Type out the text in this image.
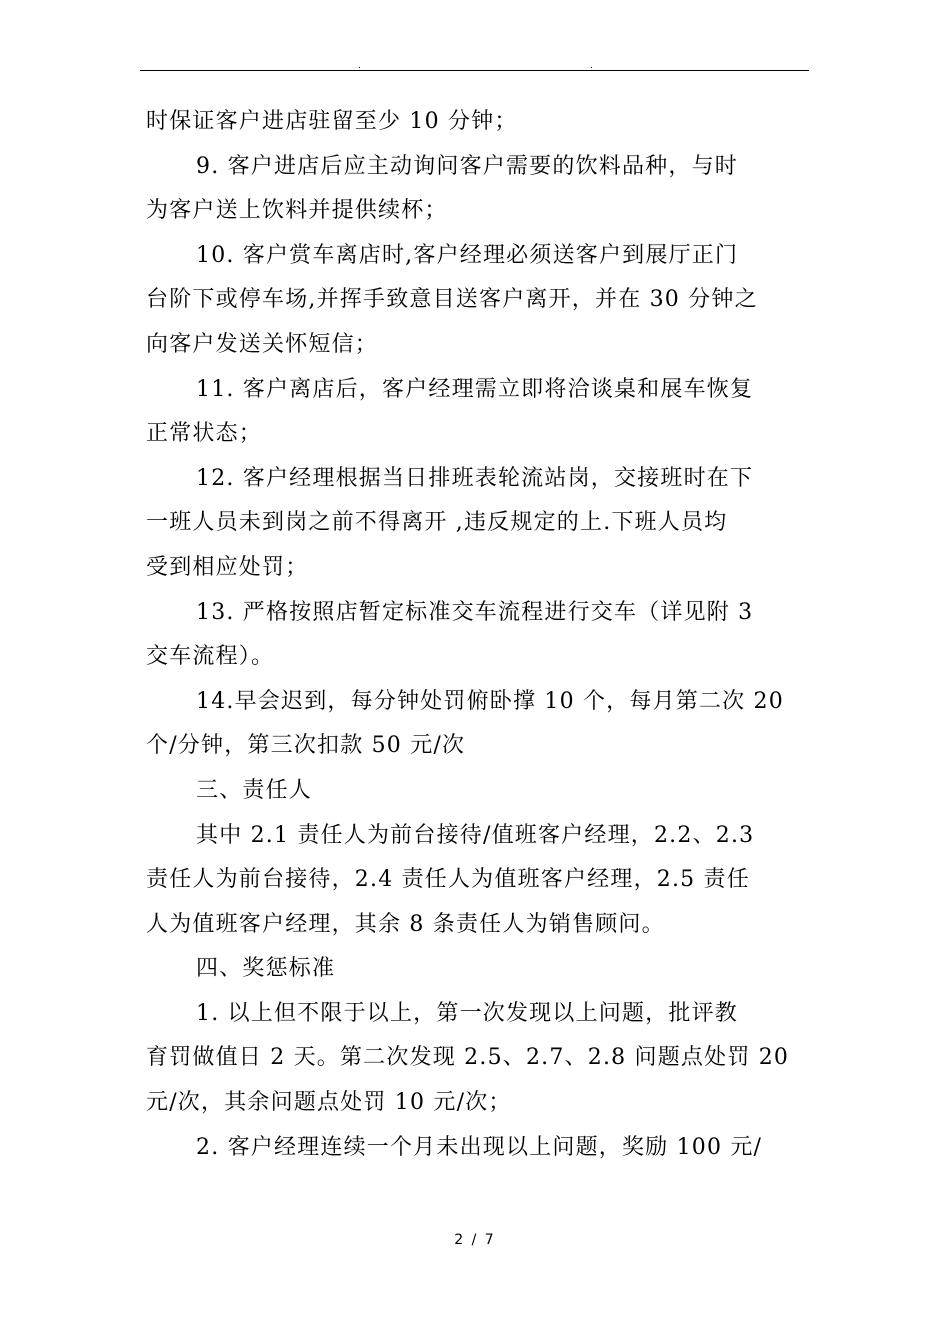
.	.
时保证客户进店驻留至少 10 分钟；
9. 客户进店后应主动询问客户需要的饮料品种，与时
为客户送上饮料并提供续杯；
10. 客户赏车离店时,客户经理必须送客户到展厅正门
台阶下或停车场,并挥手致意目送客户离开，并在 30 分钟之
向客户发送关怀短信；
11. 客户离店后，客户经理需立即将洽谈桌和展车恢复
正常状态；
12. 客户经理根据当日排班表轮流站岗，交接班时在下
一班人员未到岗之前不得离开 ,违反规定的上.下班人员均
受到相应处罚；
13. 严格按照店暂定标准交车流程进行交车（详见附 3
交车流程）。
14.早会迟到，每分钟处罚俯卧撑 10 个，每月第二次 20
个/分钟，第三次扣款 50 元/次
三、责任人
其中 2.1 责任人为前台接待/值班客户经理，2.2、2.3
责任人为前台接待，2.4 责任人为值班客户经理，2.5 责任
人为值班客户经理，其余 8 条责任人为销售顾问。
四、奖惩标准
1. 以上但不限于以上，第一次发现以上问题，批评教
育罚做值日 2 天。第二次发现 2.5、2.7、2.8 问题点处罚 20
元/次，其余问题点处罚 10 元/次；
2. 客户经理连续一个月未出现以上问题，奖励 100 元/
2 / 7
